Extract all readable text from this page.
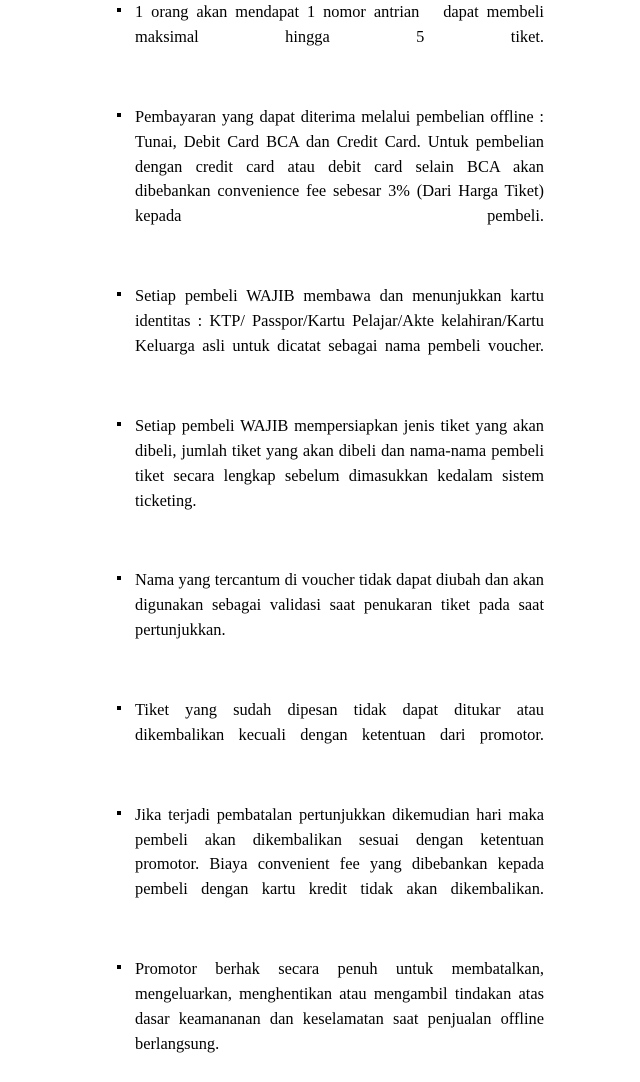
1 orang akan mendapat 1 nomor antrian   dapat membeli maksimal hingga 5 tiket.
Pembayaran yang dapat diterima melalui pembelian offline : Tunai, Debit Card BCA dan Credit Card. Untuk pembelian dengan credit card atau debit card selain BCA akan dibebankan convenience fee sebesar 3% (Dari Harga Tiket) kepada pembeli.
Setiap pembeli WAJIB membawa dan menunjukkan kartu identitas : KTP/ Passpor/Kartu Pelajar/Akte kelahiran/Kartu Keluarga asli untuk dicatat sebagai nama pembeli voucher.
Setiap pembeli WAJIB mempersiapkan jenis tiket yang akan dibeli, jumlah tiket yang akan dibeli dan nama-nama pembeli tiket secara lengkap sebelum dimasukkan kedalam sistem ticketing.
Nama yang tercantum di voucher tidak dapat diubah dan akan digunakan sebagai validasi saat penukaran tiket pada saat pertunjukkan.
Tiket yang sudah dipesan tidak dapat ditukar atau dikembalikan kecuali dengan ketentuan dari promotor.
Jika terjadi pembatalan pertunjukkan dikemudian hari maka pembeli akan dikembalikan sesuai dengan ketentuan promotor. Biaya convenient fee yang dibebankan kepada pembeli dengan kartu kredit tidak akan dikembalikan.
Promotor berhak secara penuh untuk membatalkan, mengeluarkan, menghentikan atau mengambil tindakan atas dasar keamananan dan keselamatan saat penjualan offline berlangsung.
